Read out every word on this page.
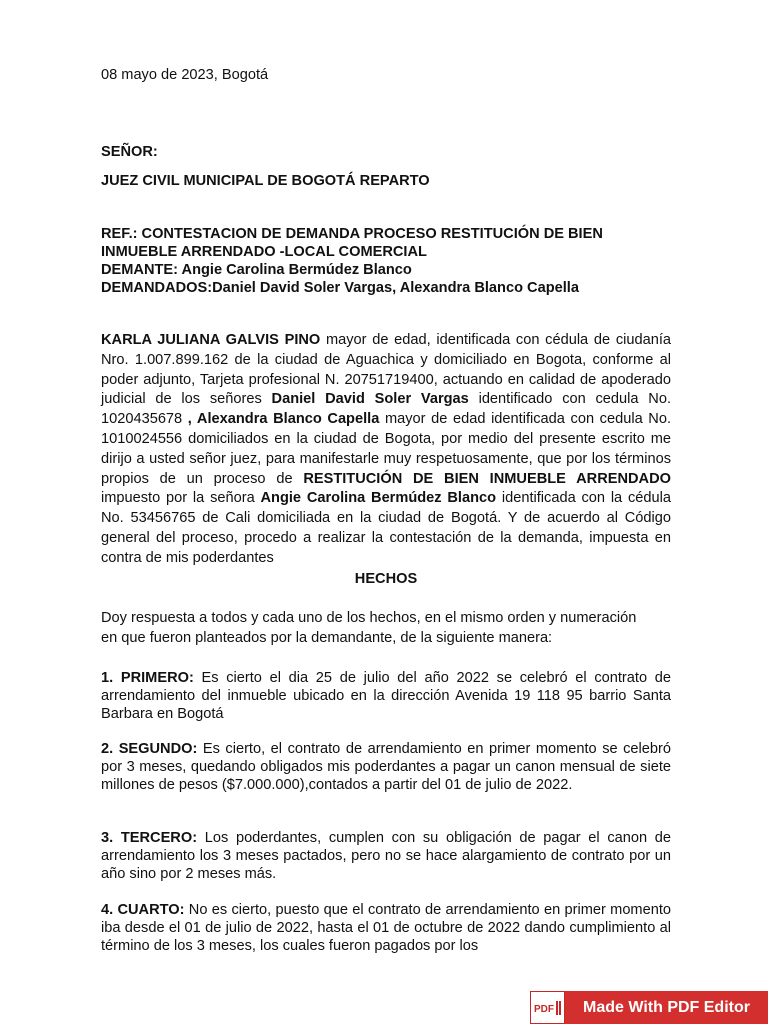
08 mayo de 2023, Bogotá
SEÑOR:
JUEZ CIVIL MUNICIPAL DE BOGOTÁ REPARTO
REF.: CONTESTACION DE DEMANDA PROCESO RESTITUCIÓN DE BIEN
INMUEBLE ARRENDADO -LOCAL COMERCIAL
DEMANTE: Angie Carolina Bermúdez Blanco
DEMANDADOS:Daniel David Soler Vargas, Alexandra Blanco Capella

KARLA JULIANA GALVIS PINO mayor de edad, identificada con cédula de ciudanía Nro. 1.007.899.162 de la ciudad de Aguachica y domiciliado en Bogota, conforme al poder adjunto, Tarjeta profesional N. 20751719400, actuando en calidad de apoderado judicial de los señores Daniel David Soler Vargas identificado con cedula No. 1020435678 , Alexandra Blanco Capella mayor de edad identificada con cedula No. 1010024556 domiciliados en la ciudad de Bogota, por medio del presente escrito me dirijo a usted señor juez, para manifestarle muy respetuosamente, que por los términos propios de un proceso de RESTITUCIÓN DE BIEN INMUEBLE ARRENDADO impuesto por la señora Angie Carolina Bermúdez Blanco identificada con la cédula No. 53456765 de Cali domiciliada en la ciudad de Bogotá. Y de acuerdo al Código general del proceso, procedo a realizar la contestación de la demanda, impuesta en contra de mis poderdantes

HECHOS
Doy respuesta a todos y cada uno de los hechos, en el mismo orden y numeración
en que fueron planteados por la demandante, de la siguiente manera:

1. PRIMERO: Es cierto el dia 25 de julio del año 2022 se celebró el contrato de arrendamiento del inmueble ubicado en la dirección Avenida 19 118 95 barrio Santa Barbara en Bogotá

2. SEGUNDO: Es cierto, el contrato de arrendamiento en primer momento se celebró por 3 meses, quedando obligados mis poderdantes a pagar un canon mensual de siete millones de pesos ($7.000.000),contados a partir del 01 de julio de 2022.

3. TERCERO: Los poderdantes, cumplen con su obligación de pagar el canon de arrendamiento los 3 meses pactados, pero no se hace alargamiento de contrato por un año sino por 2 meses más.

4. CUARTO: No es cierto, puesto que el contrato de arrendamiento en primer momento iba desde el 01 de julio de 2022, hasta el 01 de octubre de 2022 dando cumplimiento al término de los 3 meses, los cuales fueron pagados por los

PDF	Made With PDF Editor
